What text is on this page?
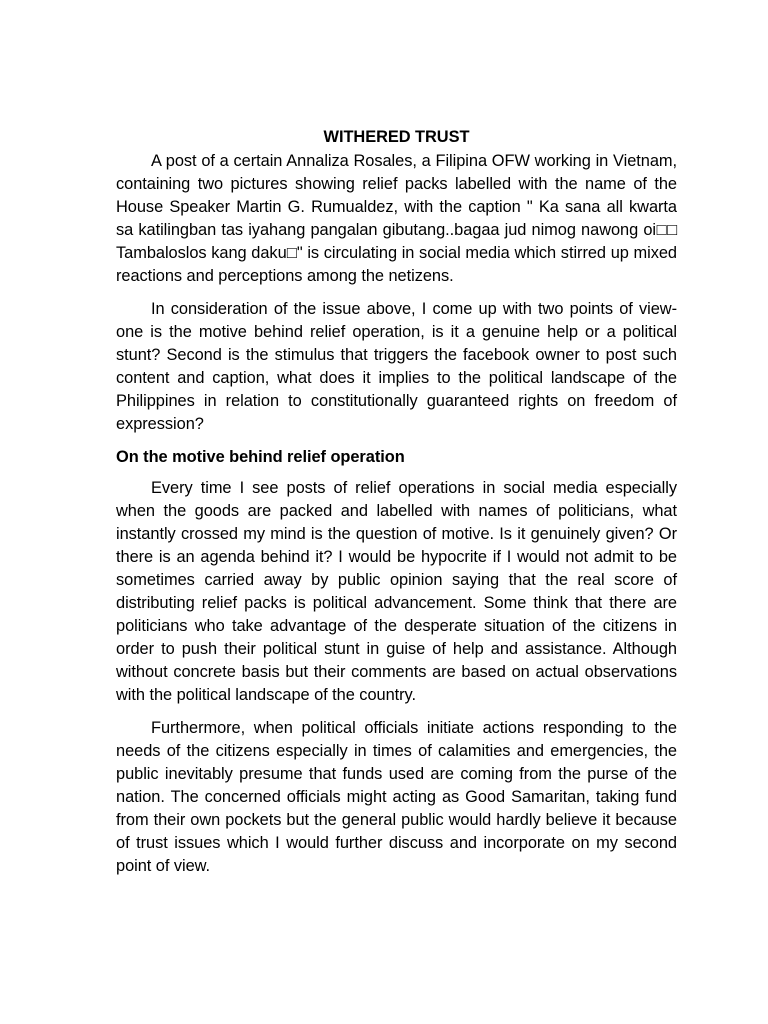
WITHERED TRUST

A post of a certain Annaliza Rosales, a Filipina OFW working in Vietnam, containing two pictures showing relief packs labelled with the name of the House Speaker Martin G. Rumualdez, with the caption " Ka sana all kwarta sa katilingban tas iyahang pangalan gibutang..bagaa jud nimog nawong oi□□ Tambaloslos kang daku□" is circulating in social media which stirred up mixed reactions and perceptions among the netizens.

In consideration of the issue above, I come up with two points of view- one is the motive behind relief operation, is it a genuine help or a political stunt? Second is the stimulus that triggers the facebook owner to post such content and caption, what does it implies to the political landscape of the Philippines in relation to constitutionally guaranteed rights on freedom of expression?

On the motive behind relief operation

Every time I see posts of relief operations in social media especially when the goods are packed and labelled with names of politicians, what instantly crossed my mind is the question of motive. Is it genuinely given? Or there is an agenda behind it? I would be hypocrite if I would not admit to be sometimes carried away by public opinion saying that the real score of distributing relief packs is political advancement. Some think that there are politicians who take advantage of the desperate situation of the citizens in order to push their political stunt in guise of help and assistance. Although without concrete basis but their comments are based on actual observations with the political landscape of the country.

Furthermore, when political officials initiate actions responding to the needs of the citizens especially in times of calamities and emergencies, the public inevitably presume that funds used are coming from the purse of the nation. The concerned officials might acting as Good Samaritan, taking fund from their own pockets but the general public would hardly believe it because of trust issues which I would further discuss and incorporate on my second point of view.
